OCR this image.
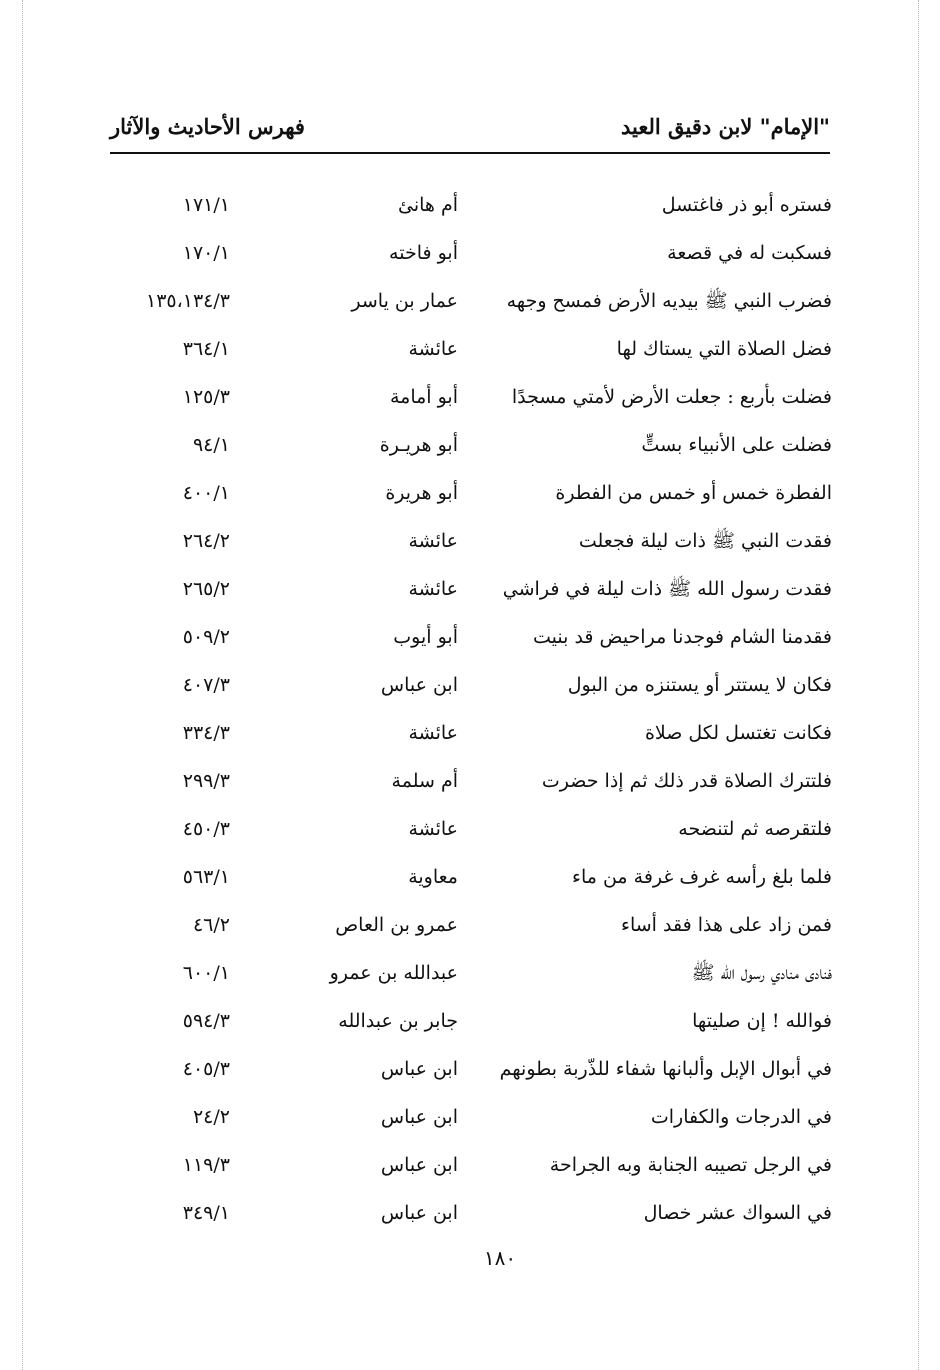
"الإمام" لابن دقيق العيد
فهرس الأحاديث والآثار
فستره أبو ذر فاغتسل
أم هانئ
١٧١/١
فسكبت له في قصعة
أبو فاخته
١٧٠/١
فضرب النبي ﷺ بيديه الأرض فمسح وجهه
عمار بن ياسر
١٣٥،١٣٤/٣
فضل الصلاة التي يستاك لها
عائشة
٣٦٤/١
فضلت بأربع : جعلت الأرض لأمتي مسجدًا
أبو أمامة
١٢٥/٣
فضلت على الأنبياء بستٍّ
أبو هريـرة
٩٤/١
الفطرة خمس أو خمس من الفطرة
أبو هريرة
٤٠٠/١
فقدت النبي ﷺ ذات ليلة فجعلت
عائشة
٢٦٤/٢
فقدت رسول الله ﷺ ذات ليلة في فراشي
عائشة
٢٦٥/٢
فقدمنا الشام فوجدنا مراحيض قد بنيت
أبو أيوب
٥٠٩/٢
فكان لا يستتر أو يستنزه من البول
ابن عباس
٤٠٧/٣
فكانت تغتسل لكل صلاة
عائشة
٣٣٤/٣
فلتترك الصلاة قدر ذلك ثم إذا حضرت
أم سلمة
٢٩٩/٣
فلتقرصه ثم لتنضحه
عائشة
٤٥٠/٣
فلما بلغ رأسه غرف غرفة من ماء
معاوية
٥٦٣/١
فمن زاد على هذا فقد أساء
عمرو بن العاص
٤٦/٢
فنادى منادي رسول الله ﷺ
عبدالله بن عمرو
٦٠٠/١
فوالله ! إن صليتها
جابر بن عبدالله
٥٩٤/٣
في أبوال الإبل وألبانها شفاء للذّربة بطونهم
ابن عباس
٤٠٥/٣
في الدرجات والكفارات
ابن عباس
٢٤/٢
في الرجل تصيبه الجنابة وبه الجراحة
ابن عباس
١١٩/٣
في السواك عشر خصال
ابن عباس
٣٤٩/١
١٨٠
